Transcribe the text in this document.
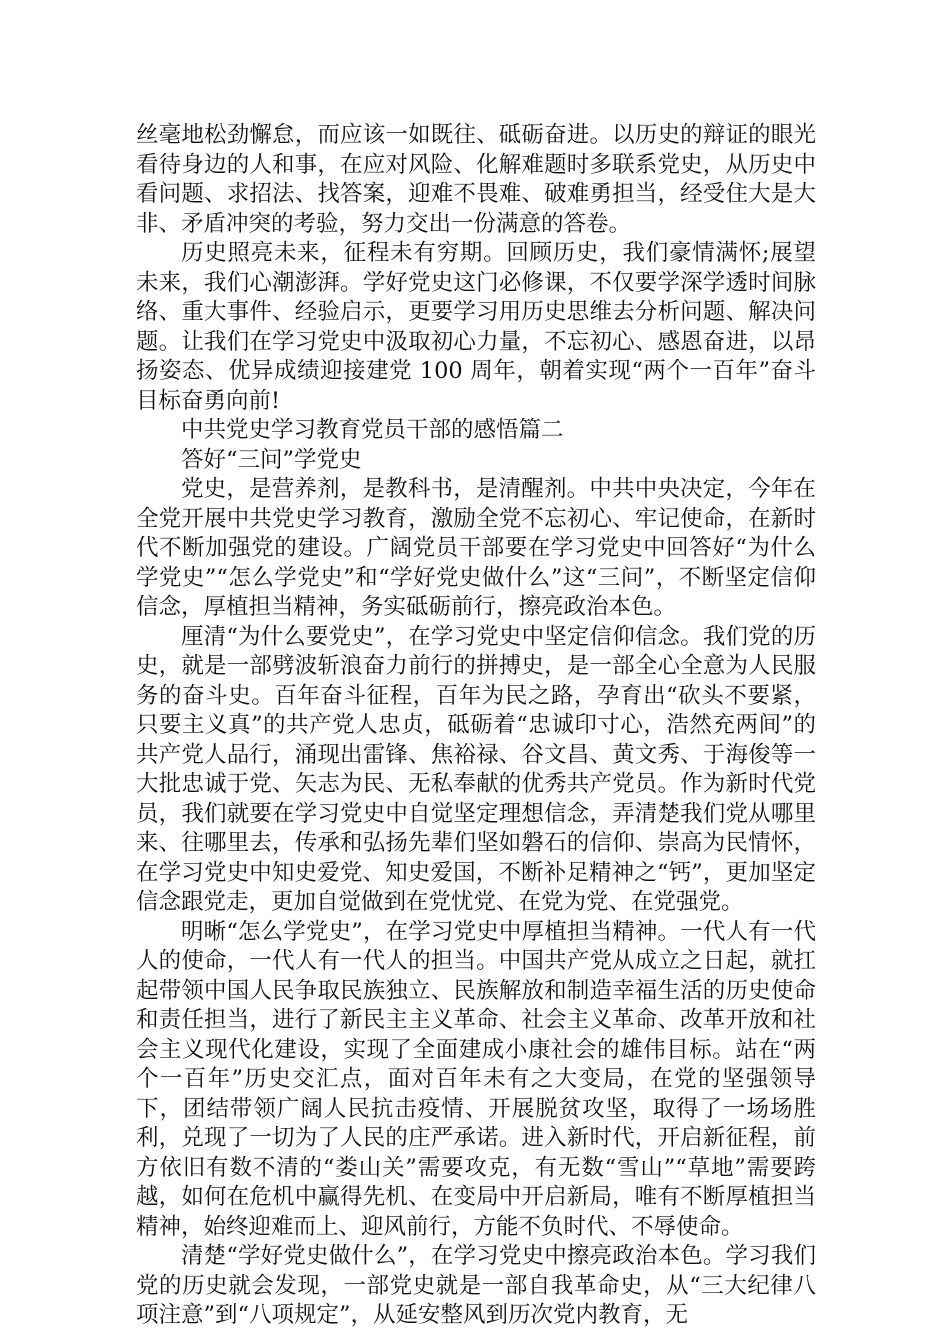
丝毫地松劲懈怠，而应该一如既往、砥砺奋进。以历史的辩证的眼光看待身边的人和事，在应对风险、化解难题时多联系党史，从历史中看问题、求招法、找答案，迎难不畏难、破难勇担当，经受住大是大非、矛盾冲突的考验，努力交出一份满意的答卷。

历史照亮未来，征程未有穷期。回顾历史，我们豪情满怀;展望未来，我们心潮澎湃。学好党史这门必修课，不仅要学深学透时间脉络、重大事件、经验启示，更要学习用历史思维去分析问题、解决问题。让我们在学习党史中汲取初心力量，不忘初心、感恩奋进，以昂扬姿态、优异成绩迎接建党 100 周年，朝着实现“两个一百年”奋斗目标奋勇向前!

中共党史学习教育党员干部的感悟篇二

答好“三问”学党史

党史，是营养剂，是教科书，是清醒剂。中共中央决定，今年在全党开展中共党史学习教育，激励全党不忘初心、牢记使命，在新时代不断加强党的建设。广阔党员干部要在学习党史中回答好“为什么学党史”“怎么学党史”和“学好党史做什么”这“三问”，不断坚定信仰信念，厚植担当精神，务实砥砺前行，擦亮政治本色。

厘清“为什么要党史”，在学习党史中坚定信仰信念。我们党的历史，就是一部劈波斩浪奋力前行的拼搏史，是一部全心全意为人民服务的奋斗史。百年奋斗征程，百年为民之路，孕育出“砍头不要紧，只要主义真”的共产党人忠贞，砥砺着“忠诚印寸心，浩然充两间”的共产党人品行，涌现出雷锋、焦裕禄、谷文昌、黄文秀、于海俊等一大批忠诚于党、矢志为民、无私奉献的优秀共产党员。作为新时代党员，我们就要在学习党史中自觉坚定理想信念，弄清楚我们党从哪里来、往哪里去，传承和弘扬先辈们坚如磐石的信仰、崇高为民情怀，在学习党史中知史爱党、知史爱国，不断补足精神之“钙”，更加坚定信念跟党走，更加自觉做到在党忧党、在党为党、在党强党。

明晰“怎么学党史”，在学习党史中厚植担当精神。一代人有一代人的使命，一代人有一代人的担当。中国共产党从成立之日起，就扛起带领中国人民争取民族独立、民族解放和制造幸福生活的历史使命和责任担当，进行了新民主主义革命、社会主义革命、改革开放和社会主义现代化建设，实现了全面建成小康社会的雄伟目标。站在“两个一百年”历史交汇点，面对百年未有之大变局，在党的坚强领导下，团结带领广阔人民抗击疫情、开展脱贫攻坚，取得了一场场胜利，兑现了一切为了人民的庄严承诺。进入新时代，开启新征程，前方依旧有数不清的“娄山关”需要攻克，有无数“雪山”“草地”需要跨越，如何在危机中赢得先机、在变局中开启新局，唯有不断厚植担当精神，始终迎难而上、迎风前行，方能不负时代、不辱使命。

清楚“学好党史做什么”，在学习党史中擦亮政治本色。学习我们党的历史就会发现，一部党史就是一部自我革命史，从“三大纪律八项注意”到“八项规定”，从延安整风到历次党内教育，无
